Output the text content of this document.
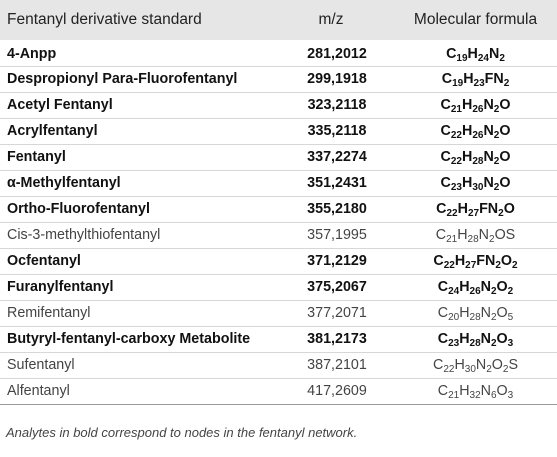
Fentanyl derivative standard	m/z	Molecular formula
4-Anpp	281,2012	$C_{19}H_{24}N_2$
Despropionyl Para-Fluorofentanyl	299,1918	$C_{19}H_{23}FN_2$
Acetyl Fentanyl	323,2118	$C_{21}H_{26}N_2O$
Acrylfentanyl	335,2118	$C_{22}H_{26}N_2O$
Fentanyl	337,2274	$C_{22}H_{28}N_2O$
α-Methylfentanyl	351,2431	$C_{23}H_{30}N_2O$
Ortho-Fluorofentanyl	355,2180	$C_{22}H_{27}FN_2O$
Cis-3-methylthiofentanyl	357,1995	$C_{21}H_{28}N_2OS$
Ocfentanyl	371,2129	$C_{22}H_{27}FN_2O_2$
Furanylfentanyl	375,2067	$C_{24}H_{26}N_2O_2$
Remifentanyl	377,2071	$C_{20}H_{28}N_2O_5$
Butyryl-fentanyl-carboxy Metabolite	381,2173	$C_{23}H_{28}N_2O_3$
Sufentanyl	387,2101	$C_{22}H_{30}N_2O_2S$
Alfentanyl	417,2609	$C_{21}H_{32}N_6O_3$
Analytes in bold correspond to nodes in the fentanyl network.
